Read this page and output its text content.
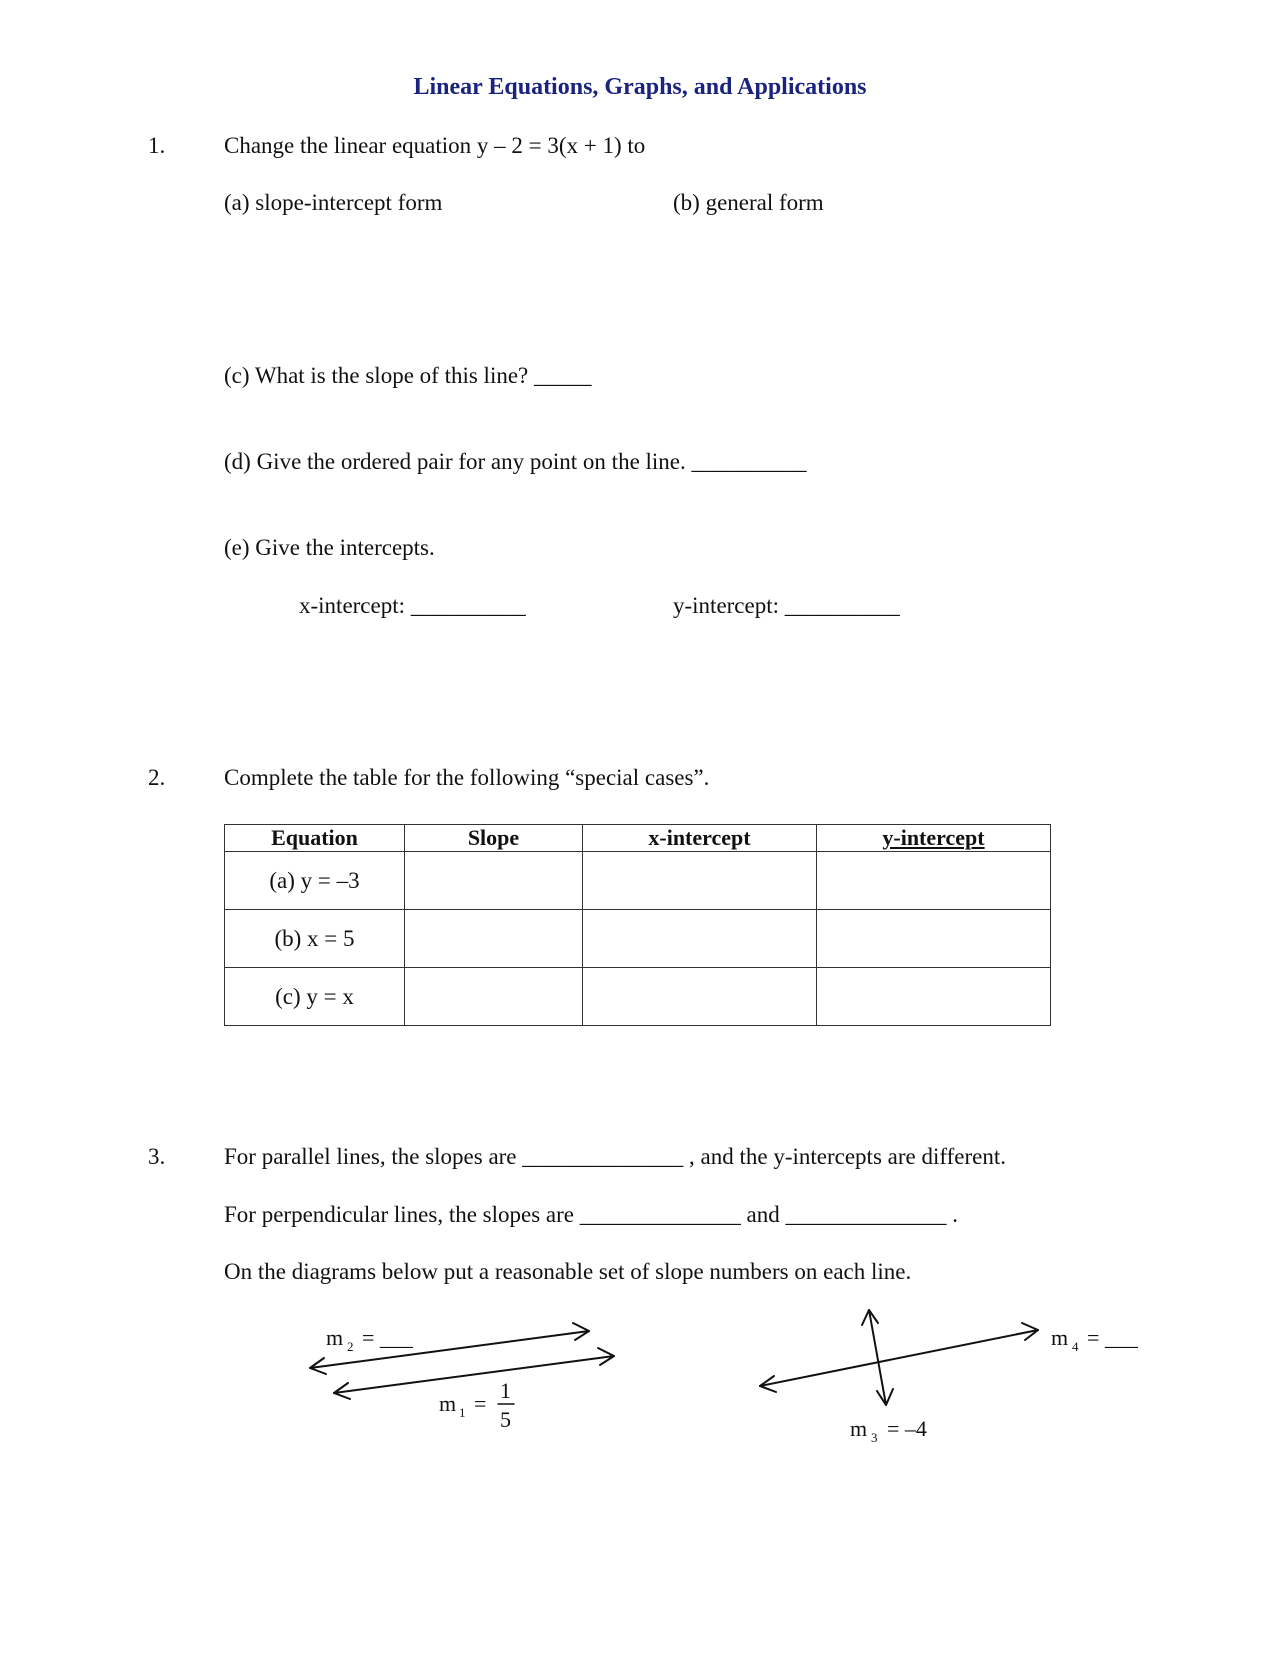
Linear Equations, Graphs, and Applications
1.	Change the linear equation y – 2 = 3(x + 1) to
(a) slope-intercept form	(b) general form
(c) What is the slope of this line? _____
(d) Give the ordered pair for any point on the line. __________
(e) Give the intercepts.
x-intercept: __________	y-intercept: __________
2.	Complete the table for the following “special cases”.
Equation	Slope	x-intercept	y-intercept
(a) y = –3			
(b) x = 5			
(c) y = x			
3.	For parallel lines, the slopes are ______________ , and the y-intercepts are different.
For perpendicular lines, the slopes are ______________ and ______________ .
On the diagrams below put a reasonable set of slope numbers on each line.
m 2 = ___
m 1 =
1
5	m 3 = –4
m 4 = ___
